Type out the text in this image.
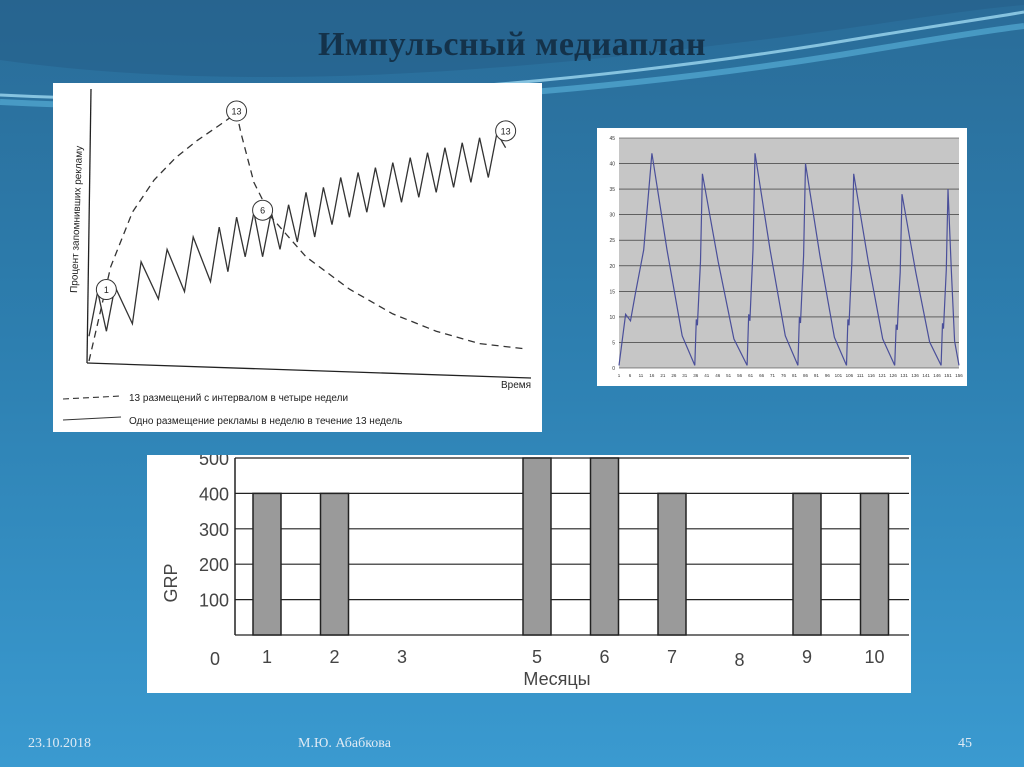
Импульсный медиаплан
Процент запомнивших рекламу
Время
1
13
6
13
13 размещений с интервалом в четыре недели
Одно размещение рекламы в неделю в течение 13 недель
0
5
10
15
20
25
30
35
40
45
1 6 11 16 21 26 31 36 41 46 51 56 61 66 71 76 81 86 91 96 101 106 111 116 121 126 131 136 141 146 151 156
100
200
300
400
500
0 1	2	3	5	6	7	8	9	10
GRP
Месяцы
23.10.2018	М.Ю. Абабкова	45
